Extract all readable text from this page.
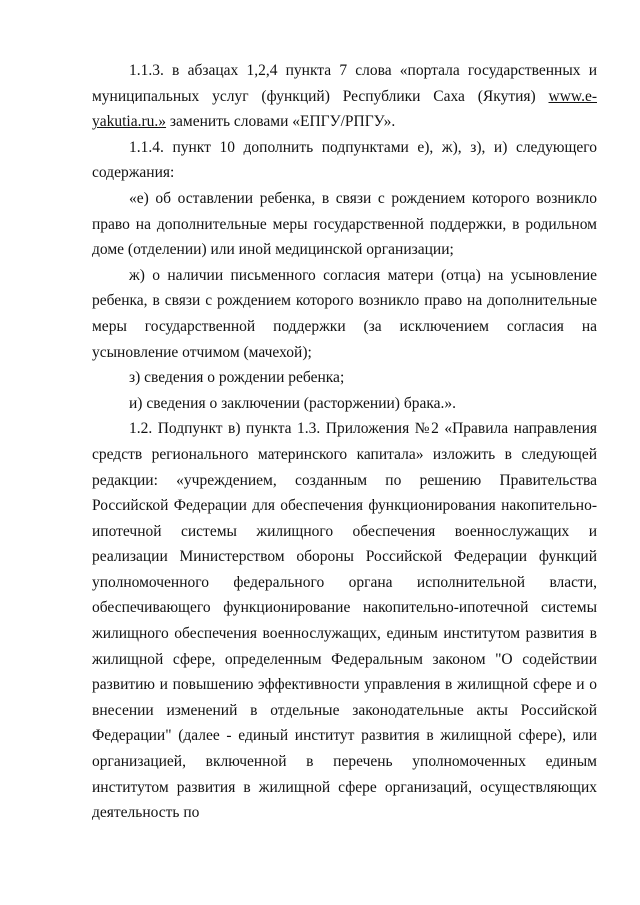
1.1.3. в абзацах 1,2,4 пункта 7 слова «портала государственных и муниципальных услуг (функций) Республики Саха (Якутия) www.e-yakutia.ru.» заменить словами «ЕПГУ/РПГУ».

1.1.4. пункт 10 дополнить подпунктами е), ж), з), и) следующего содержания:

«е) об оставлении ребенка, в связи с рождением которого возникло право на дополнительные меры государственной поддержки, в родильном доме (отделении) или иной медицинской организации;

ж) о наличии письменного согласия матери (отца) на усыновление ребенка, в связи с рождением которого возникло право на дополнительные меры государственной поддержки (за исключением согласия на усыновление отчимом (мачехой);

з) сведения о рождении ребенка;

и) сведения о заключении (расторжении) брака.».

1.2. Подпункт в) пункта 1.3. Приложения №2 «Правила направления средств регионального материнского капитала» изложить в следующей редакции: «учреждением, созданным по решению Правительства Российской Федерации для обеспечения функционирования накопительно-ипотечной системы жилищного обеспечения военнослужащих и реализации Министерством обороны Российской Федерации функций уполномоченного федерального органа исполнительной власти, обеспечивающего функционирование накопительно-ипотечной системы жилищного обеспечения военнослужащих, единым институтом развития в жилищной сфере, определенным Федеральным законом "О содействии развитию и повышению эффективности управления в жилищной сфере и о внесении изменений в отдельные законодательные акты Российской Федерации" (далее - единый институт развития в жилищной сфере), или организацией, включенной в перечень уполномоченных единым институтом развития в жилищной сфере организаций, осуществляющих деятельность по
